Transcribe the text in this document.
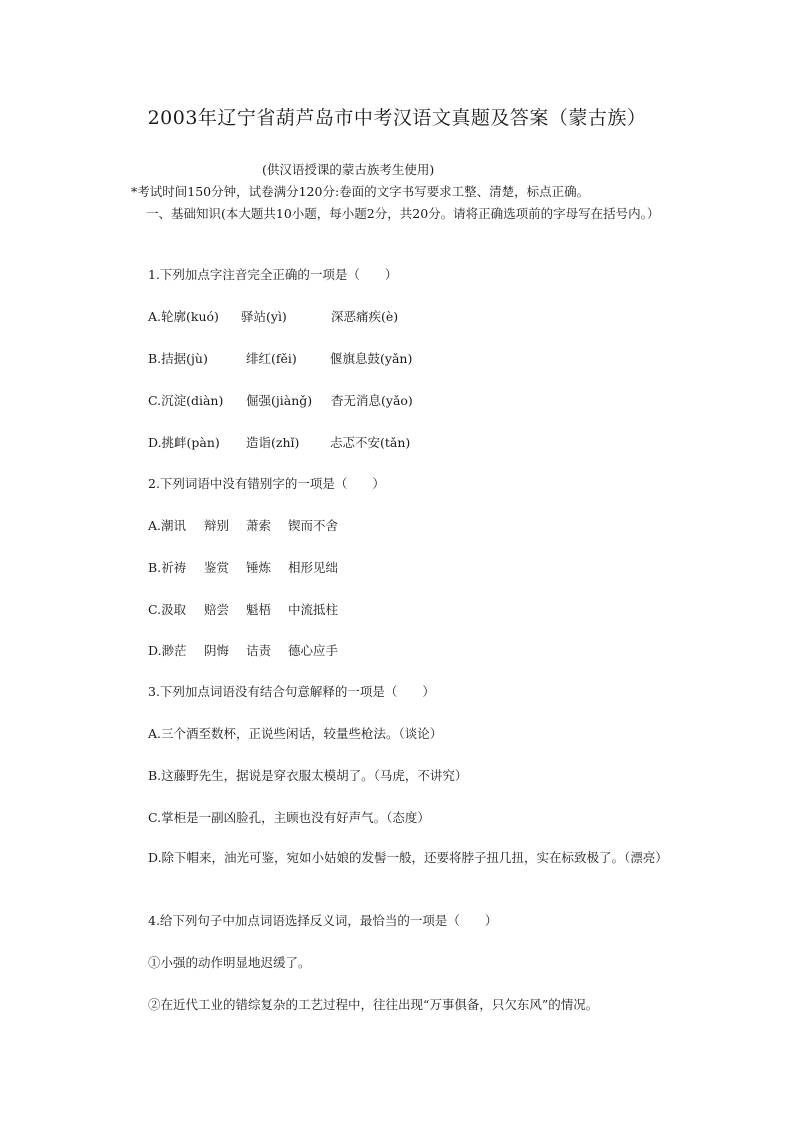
2003年辽宁省葫芦岛市中考汉语文真题及答案（蒙古族）
(供汉语授课的蒙古族考生使用)
*考试时间150分钟，试卷满分120分:卷面的文字书写要求工整、清楚，标点正确。
一、基础知识(本大题共10小题，每小题2分，共20分。请将正确选项前的字母写在括号内。）
1.下列加点字注音完全正确的一项是（　　）
A.轮廓(kuó) 驿站(yì)	深恶痛疾(è)
B.拮据(jù)	绯红(fěi)	偃旗息鼓(yǎn)
C.沉淀(diàn) 倔强(jiànǧ) 杳无消息(yǎo)
D.挑衅(pàn) 造诣(zhǐ) 忐忑不安(tǎn)
2.下列词语中没有错别字的一项是（　　）
A.潮讯 辩别 萧索 锲而不舍
B.祈祷 鉴赏 锤炼 相形见绌
C.汲取 赔尝 魁梧 中流抵柱
D.渺茫 阴悔 诘责 德心应手
3.下列加点词语没有结合句意解释的一项是（　　）
A.三个酒至数杯，正说些闲话，较量些枪法。（谈论）
B.这藤野先生，据说是穿衣服太模胡了。（马虎，不讲究）
C.掌柜是一副凶脸孔，主顾也没有好声气。（态度）
D.除下帽来，油光可鉴，宛如小姑娘的发髻一般，还要将脖子扭几扭，实在标致极了。（漂亮）
4.给下列句子中加点词语选择反义词，最恰当的一项是（　　）
①小强的动作明显地迟缓了。
②在近代工业的错综复杂的工艺过程中，往往出现“万事俱备，只欠东风”的情况。
